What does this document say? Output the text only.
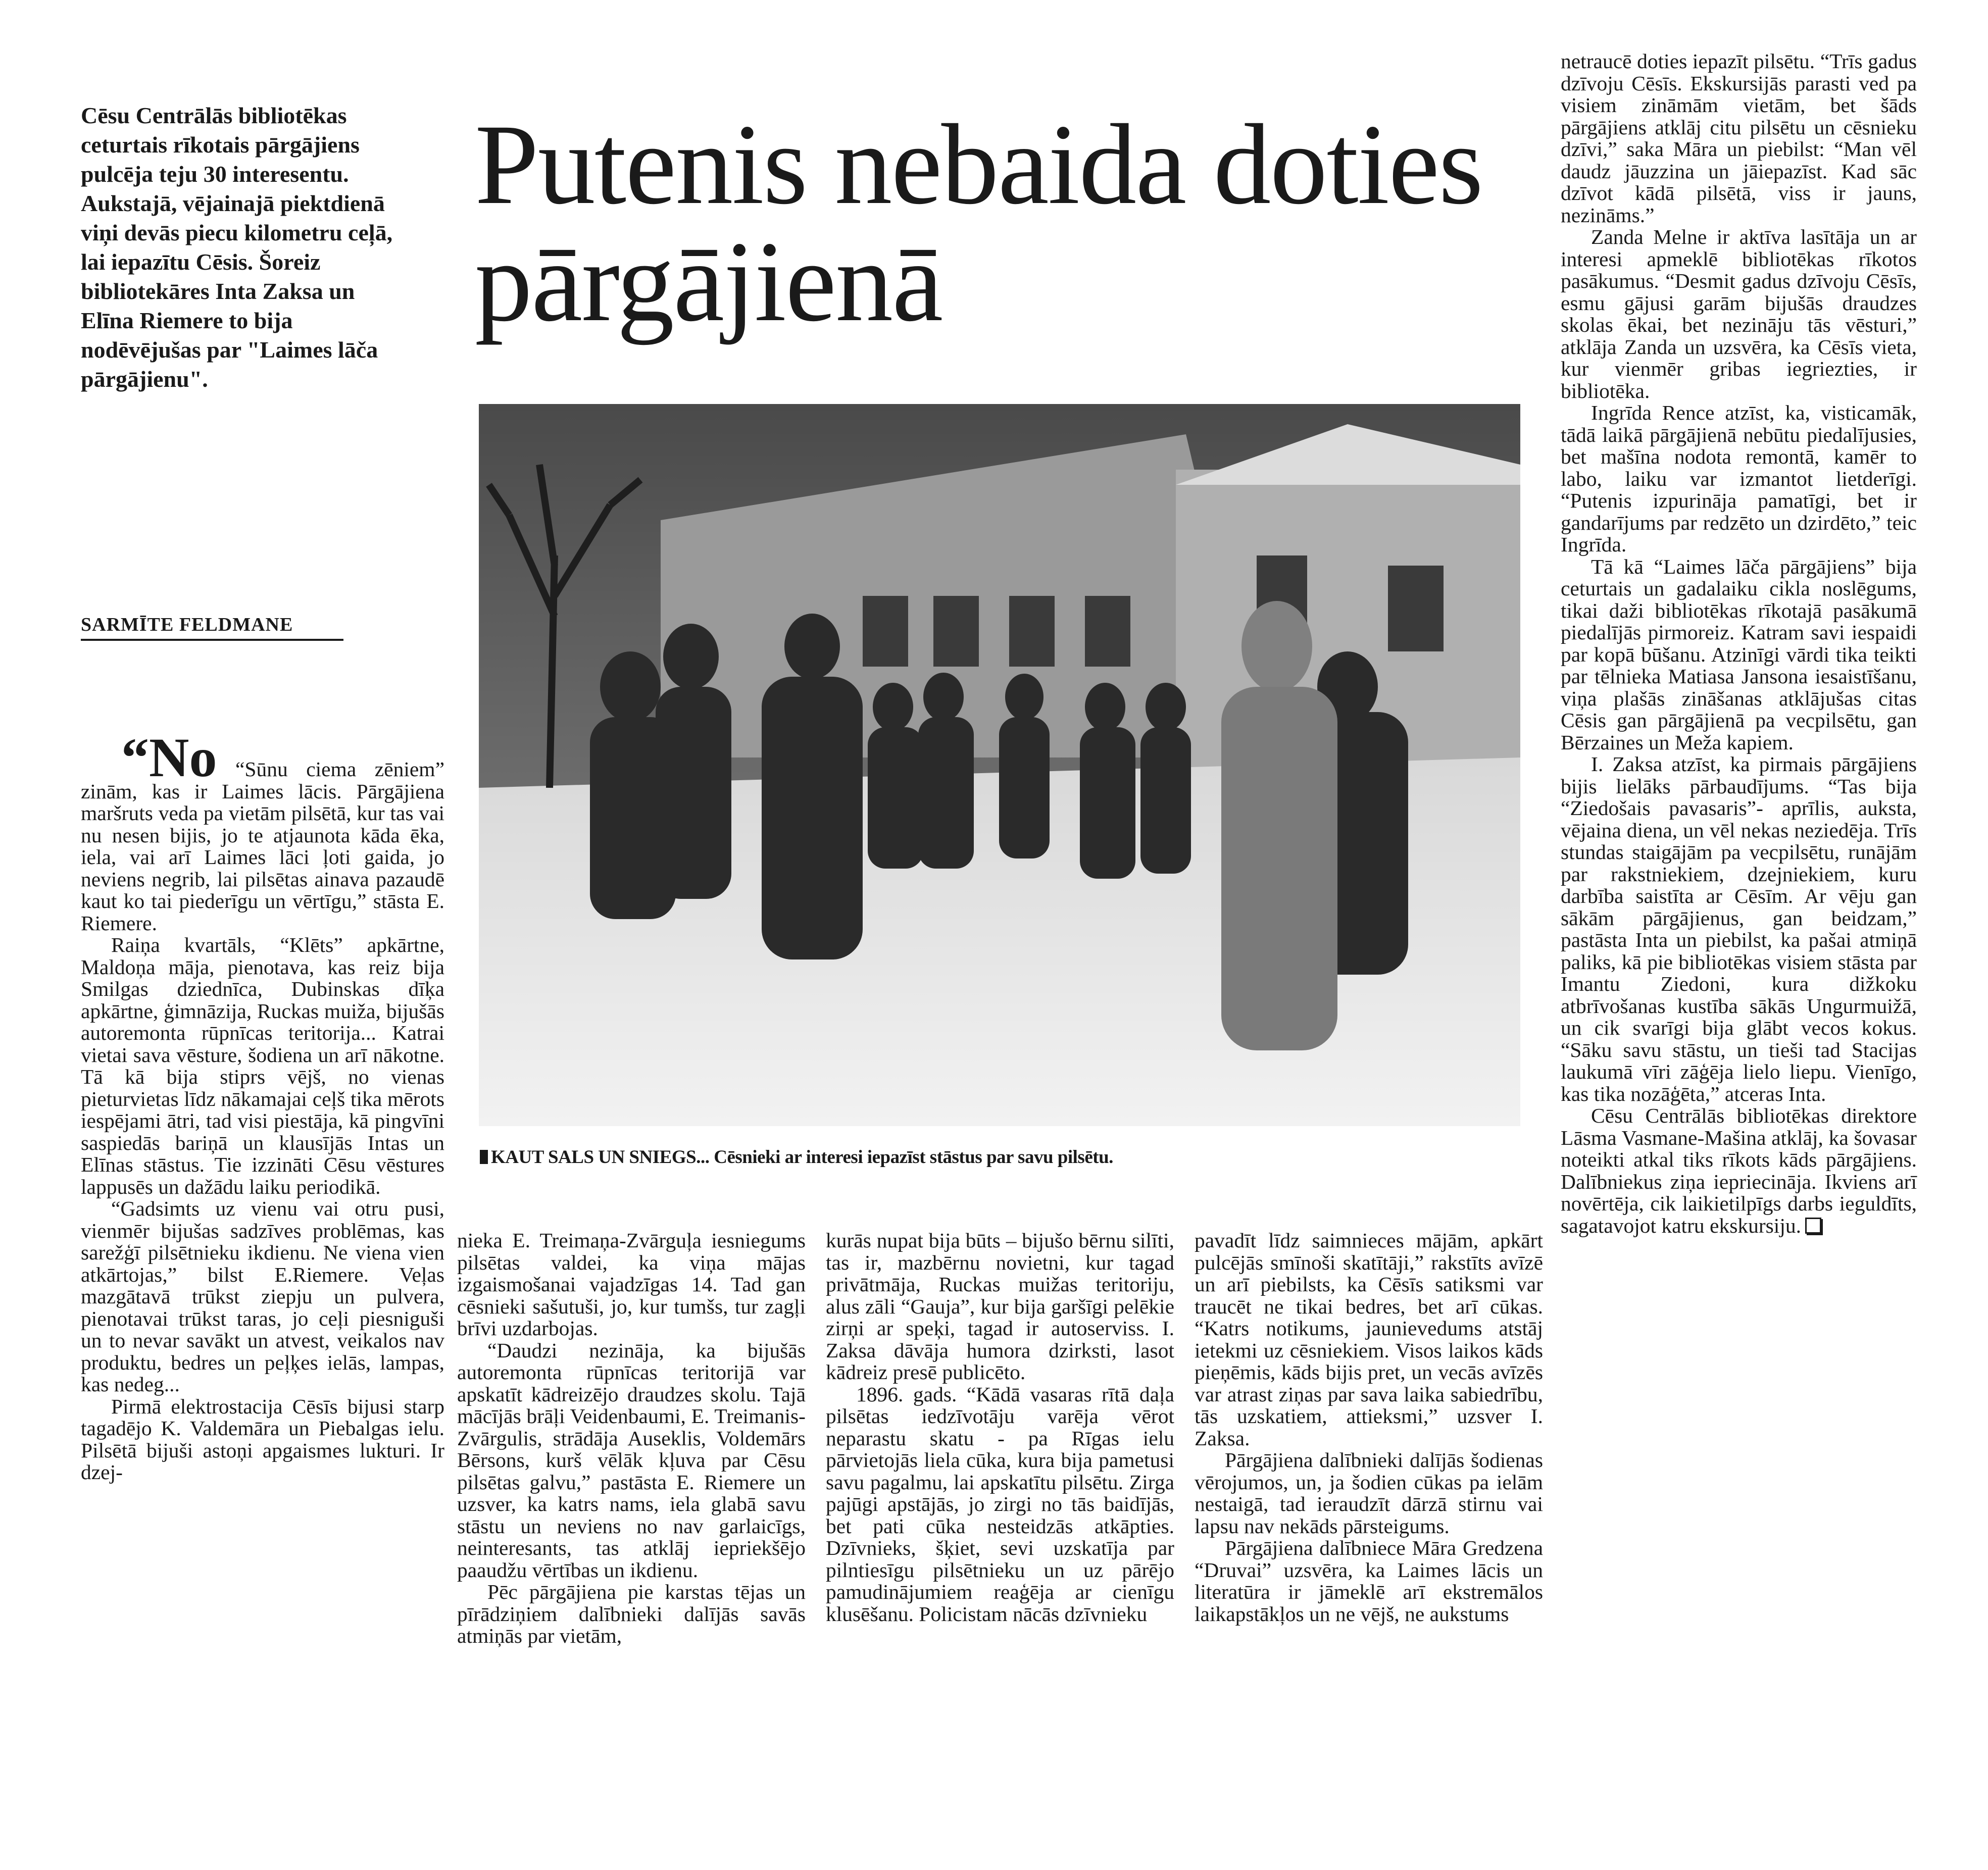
Cēsu Centrālās bibliotēkas ceturtais rīkotais pārgājiens pulcēja teju 30 interesentu. Aukstajā, vējainajā piektdienā viņi devās piecu kilometru ceļā, lai iepazītu Cēsis. Šoreiz bibliotekāres Inta Zaksa un Elīna Riemere to bija nodēvējušas par "Laimes lāča pārgājienu".
SARMĪTE FELDMANE
Putenis nebaida doties pārgājienā
KAUT SALS UN SNIEGS... Cēsnieki ar interesi iepazīst stāstus par savu pilsētu.

“No “Sūnu ciema zēniem” zinām, kas ir Laimes lācis. Pārgājiena maršruts veda pa vietām pilsētā, kur tas vai nu nesen bijis, jo te atjaunota kāda ēka, iela, vai arī Laimes lāci ļoti gaida, jo neviens negrib, lai pilsētas ainava pazaudē kaut ko tai piederīgu un vērtīgu,” stāsta E. Riemere.

Raiņa kvartāls, “Klēts” apkārtne, Maldoņa māja, pienotava, kas reiz bija Smilgas dziednīca, Dubinskas dīķa apkārtne, ģimnāzija, Ruckas muiža, bijušās autoremonta rūpnīcas teritorija... Katrai vietai sava vēsture, šodiena un arī nākotne. Tā kā bija stiprs vējš, no vienas pieturvietas līdz nākamajai ceļš tika mērots iespējami ātri, tad visi piestāja, kā pingvīni saspiedās bariņā un klausījās Intas un Elīnas stāstus. Tie izzināti Cēsu vēstures lappusēs un dažādu laiku periodikā.

“Gadsimts uz vienu vai otru pusi, vienmēr bijušas sadzīves problēmas, kas sarežģī pilsētnieku ikdienu. Ne viena vien atkārtojas,” bilst E.Riemere. Veļas mazgātavā trūkst ziepju un pulvera, pienotavai trūkst taras, jo ceļi piesniguši un to nevar savākt un atvest, veikalos nav produktu, bedres un peļķes ielās, lampas, kas nedeg...

Pirmā elektrostacija Cēsīs bijusi starp tagadējo K. Valdemāra un Piebalgas ielu. Pilsētā bijuši astoņi apgaismes lukturi. Ir dzej-

nieka E. Treimaņa-Zvārguļa iesniegums pilsētas valdei, ka viņa mājas izgaismošanai vajadzīgas 14. Tad gan cēsnieki sašutuši, jo, kur tumšs, tur zagļi brīvi uzdarbojas.

“Daudzi nezināja, ka bijušās autoremonta rūpnīcas teritorijā var apskatīt kādreizējo draudzes skolu. Tajā mācījās brāļi Veidenbaumi, E. Treimanis-Zvārgulis, strādāja Auseklis, Voldemārs Bērsons, kurš vēlāk kļuva par Cēsu pilsētas galvu,” pastāsta E. Riemere un uzsver, ka katrs nams, iela glabā savu stāstu un neviens no nav garlaicīgs, neinteresants, tas atklāj iepriekšējo paaudžu vērtības un ikdienu.

Pēc pārgājiena pie karstas tējas un pīrādziņiem dalībnieki dalījās savās atmiņās par vietām,

kurās nupat bija būts – bijušo bērnu silīti, tas ir, mazbērnu novietni, kur tagad privātmāja, Ruckas muižas teritoriju, alus zāli “Gauja”, kur bija garšīgi pelēkie zirņi ar speķi, tagad ir autoserviss. I. Zaksa dāvāja humora dzirksti, lasot kādreiz presē publicēto.

1896. gads. “Kādā vasaras rītā daļa pilsētas iedzīvotāju varēja vērot neparastu skatu - pa Rīgas ielu pārvietojās liela cūka, kura bija pametusi savu pagalmu, lai apskatītu pilsētu. Zirga pajūgi apstājās, jo zirgi no tās baidījās, bet pati cūka nesteidzās atkāpties. Dzīvnieks, šķiet, sevi uzskatīja par pilntiesīgu pilsētnieku un uz pārējo pamudinājumiem reaģēja ar cienīgu klusēšanu. Policistam nācās dzīvnieku

pavadīt līdz saimnieces mājām, apkārt pulcējās smīnoši skatītāji,” rakstīts avīzē un arī piebilsts, ka Cēsīs satiksmi var traucēt ne tikai bedres, bet arī cūkas. “Katrs notikums, jaunievedums atstāj ietekmi uz cēsniekiem. Visos laikos kāds pieņēmis, kāds bijis pret, un vecās avīzēs var atrast ziņas par sava laika sabiedrību, tās uzskatiem, attieksmi,” uzsver I. Zaksa.

Pārgājiena dalībnieki dalījās šodienas vērojumos, un, ja šodien cūkas pa ielām nestaigā, tad ieraudzīt dārzā stirnu vai lapsu nav nekāds pārsteigums.

Pārgājiena dalībniece Māra Gredzena “Druvai” uzsvēra, ka Laimes lācis un literatūra ir jāmeklē arī ekstremālos laikapstākļos un ne vējš, ne aukstums

netraucē doties iepazīt pilsētu. “Trīs gadus dzīvoju Cēsīs. Ekskursijās parasti ved pa visiem zināmām vietām, bet šāds pārgājiens atklāj citu pilsētu un cēsnieku dzīvi,” saka Māra un piebilst: “Man vēl daudz jāuzzina un jāiepazīst. Kad sāc dzīvot kādā pilsētā, viss ir jauns, nezināms.”

Zanda Melne ir aktīva lasītāja un ar interesi apmeklē bibliotēkas rīkotos pasākumus. “Desmit gadus dzīvoju Cēsīs, esmu gājusi garām bijušās draudzes skolas ēkai, bet nezināju tās vēsturi,” atklāja Zanda un uzsvēra, ka Cēsīs vieta, kur vienmēr gribas iegriezties, ir bibliotēka.

Ingrīda Rence atzīst, ka, visticamāk, tādā laikā pārgājienā nebūtu piedalījusies, bet mašīna nodota remontā, kamēr to labo, laiku var izmantot lietderīgi. “Putenis izpurināja pamatīgi, bet ir gandarījums par redzēto un dzirdēto,” teic Ingrīda.

Tā kā “Laimes lāča pārgājiens” bija ceturtais un gadalaiku cikla noslēgums, tikai daži bibliotēkas rīkotajā pasākumā piedalījās pirmoreiz. Katram savi iespaidi par kopā būšanu. Atzinīgi vārdi tika teikti par tēlnieka Matiasa Jansona iesaistīšanu, viņa plašās zināšanas atklājušas citas Cēsis gan pārgājienā pa vecpilsētu, gan Bērzaines un Meža kapiem.

I. Zaksa atzīst, ka pirmais pārgājiens bijis lielāks pārbaudījums. “Tas bija “Ziedošais pavasaris”- aprīlis, auksta, vējaina diena, un vēl nekas neziedēja. Trīs stundas staigājām pa vecpilsētu, runājām par rakstniekiem, dzejniekiem, kuru darbība saistīta ar Cēsīm. Ar vēju gan sākām pārgājienus, gan beidzam,” pastāsta Inta un piebilst, ka pašai atmiņā paliks, kā pie bibliotēkas visiem stāsta par Imantu Ziedoni, kura dižkoku atbrīvošanas kustība sākās Ungurmuižā, un cik svarīgi bija glābt vecos kokus. “Sāku savu stāstu, un tieši tad Stacijas laukumā vīri zāģēja lielo liepu. Vienīgo, kas tika nozāģēta,” atceras Inta.

Cēsu Centrālās bibliotēkas direktore Lāsma Vasmane-Mašina atklāj, ka šovasar noteikti atkal tiks rīkots kāds pārgājiens. Dalībniekus ziņa iepriecināja. Ikviens arī novērtēja, cik laikietilpīgs darbs ieguldīts, sagatavojot katru ekskursiju.
